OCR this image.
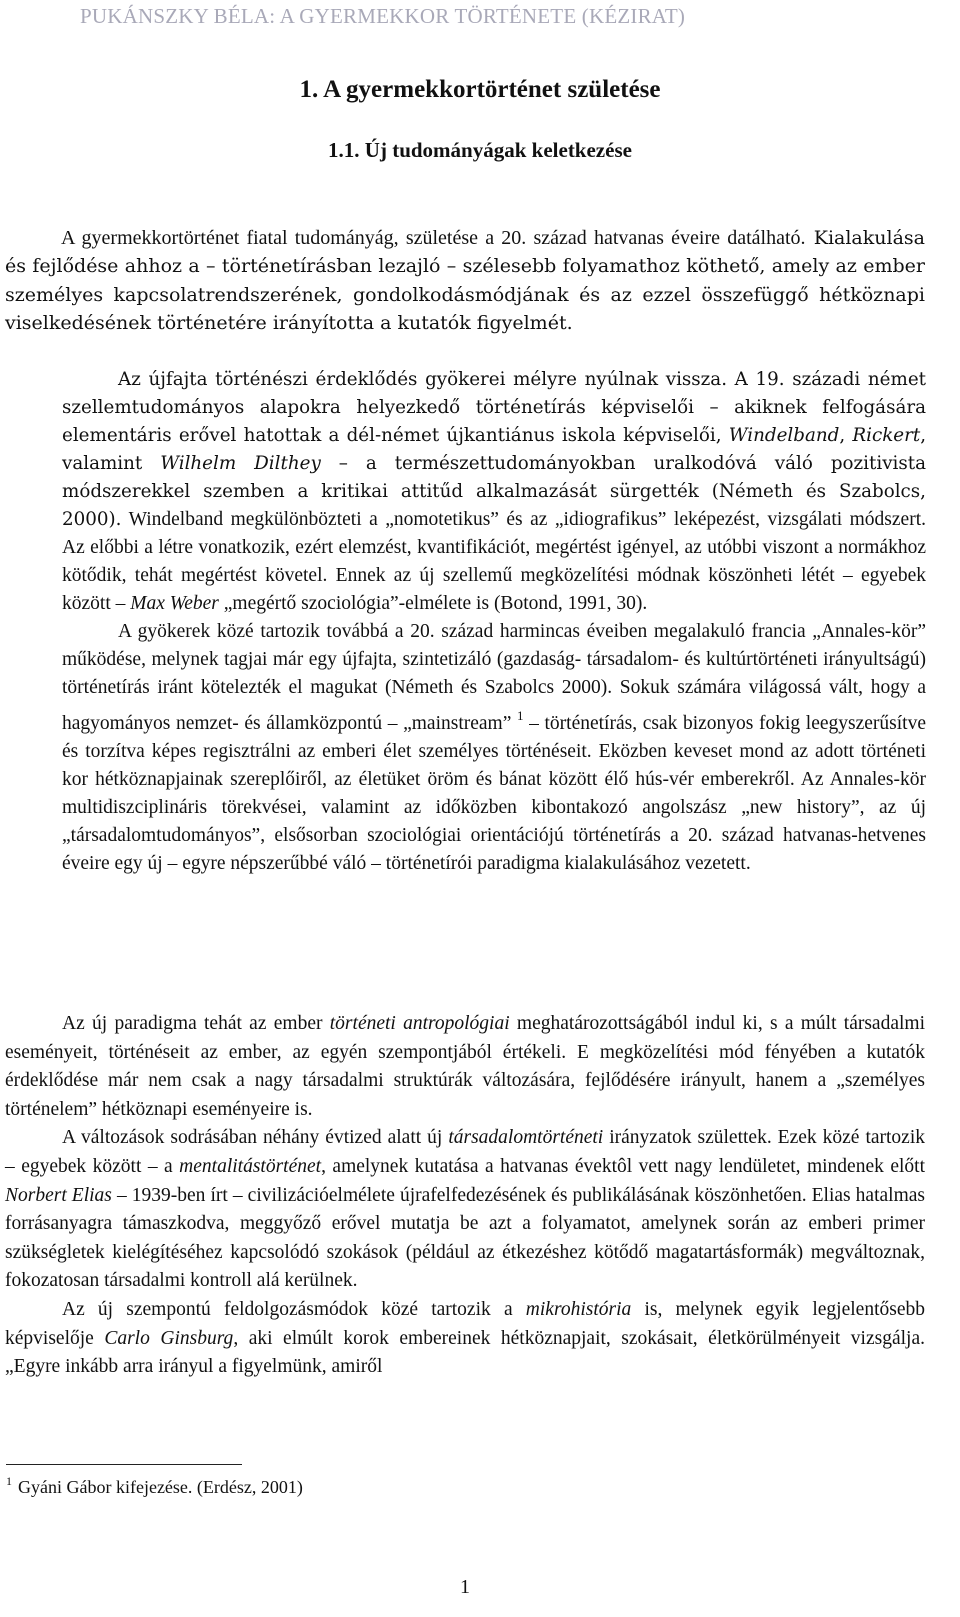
PUKÁNSZKY BÉLA: A GYERMEKKOR TÖRTÉNETE (KÉZIRAT)
1. A gyermekkortörténet születése
1.1. Új tudományágak keletkezése

A gyermekkortörténet fiatal tudományág, születése a 20. század hatvanas éveire datálható. Kialakulása és fejlődése ahhoz a – történetírásban lezajló – szélesebb folyamathoz köthető, amely az ember személyes kapcsolatrendszerének, gondolkodásmódjának és az ezzel összefüggő hétköznapi viselkedésének történetére irányította a kutatók figyelmét.

Az újfajta történészi érdeklődés gyökerei mélyre nyúlnak vissza. A 19. századi német szellemtudományos alapokra helyezkedő történetírás képviselői – akiknek felfogására elementáris erővel hatottak a dél-német újkantiánus iskola képviselői, Windelband, Rickert, valamint Wilhelm Dilthey – a természettudományokban uralkodóvá váló pozitivista módszerekkel szemben a kritikai attitűd alkalmazását sürgették (Németh és Szabolcs, 2000). Windelband megkülönbözteti a „nomotetikus” és az „idiografikus” leképezést, vizsgálati módszert. Az előbbi a létre vonatkozik, ezért elemzést, kvantifikációt, megértést igényel, az utóbbi viszont a normákhoz kötődik, tehát megértést követel. Ennek az új szellemű megközelítési módnak köszönheti létét – egyebek között – Max Weber „megértő szociológia”-elmélete is (Botond, 1991, 30).

A gyökerek közé tartozik továbbá a 20. század harmincas éveiben megalakuló francia „Annales-kör” működése, melynek tagjai már egy újfajta, szintetizáló (gazdaság- társadalom- és kultúrtörténeti irányultságú) történetírás iránt kötelezték el magukat (Németh és Szabolcs 2000). Sokuk számára világossá vált, hogy a hagyományos nemzet- és államközpontú – „mainstream” $^1$ – történetírás, csak bizonyos fokig leegyszerűsítve és torzítva képes regisztrálni az emberi élet személyes történéseit. Eközben keveset mond az adott történeti kor hétköznapjainak szereplőiről, az életüket öröm és bánat között élő hús-vér emberekről. Az Annales-kör multidiszciplináris törekvései, valamint az időközben kibontakozó angolszász „new history”, az új „társadalomtudományos”, elsősorban szociológiai orientációjú történetírás a 20. század hatvanas-hetvenes éveire egy új – egyre népszerűbbé váló – történetírói paradigma kialakulásához vezetett.

Az új paradigma tehát az ember történeti antropológiai meghatározottságából indul ki, s a múlt társadalmi eseményeit, történéseit az ember, az egyén szempontjából értékeli. E megközelítési mód fényében a kutatók érdeklődése már nem csak a nagy társadalmi struktúrák változására, fejlődésére irányult, hanem a „személyes történelem” hétköznapi eseményeire is.

A változások sodrásában néhány évtized alatt új társadalomtörténeti irányzatok születtek. Ezek közé tartozik – egyebek között – a mentalitástörténet, amelynek kutatása a hatvanas évektôl vett nagy lendületet, mindenek előtt Norbert Elias – 1939-ben írt – civilizációelmélete újrafelfedezésének és publikálásának köszönhetően. Elias hatalmas forrásanyagra támaszkodva, meggyőző erővel mutatja be azt a folyamatot, amelynek során az emberi primer szükségletek kielégítéséhez kapcsolódó szokások (például az étkezéshez kötődő magatartásformák) megváltoznak, fokozatosan társadalmi kontroll alá kerülnek.

Az új szempontú feldolgozásmódok közé tartozik a mikrohistória is, melynek egyik legjelentősebb képviselője Carlo Ginsburg, aki elmúlt korok embereinek hétköznapjait, szokásait, életkörülményeit vizsgálja. „Egyre inkább arra irányul a figyelmünk, amiről

$^1$ Gyáni Gábor kifejezése. (Erdész, 2001)
1
